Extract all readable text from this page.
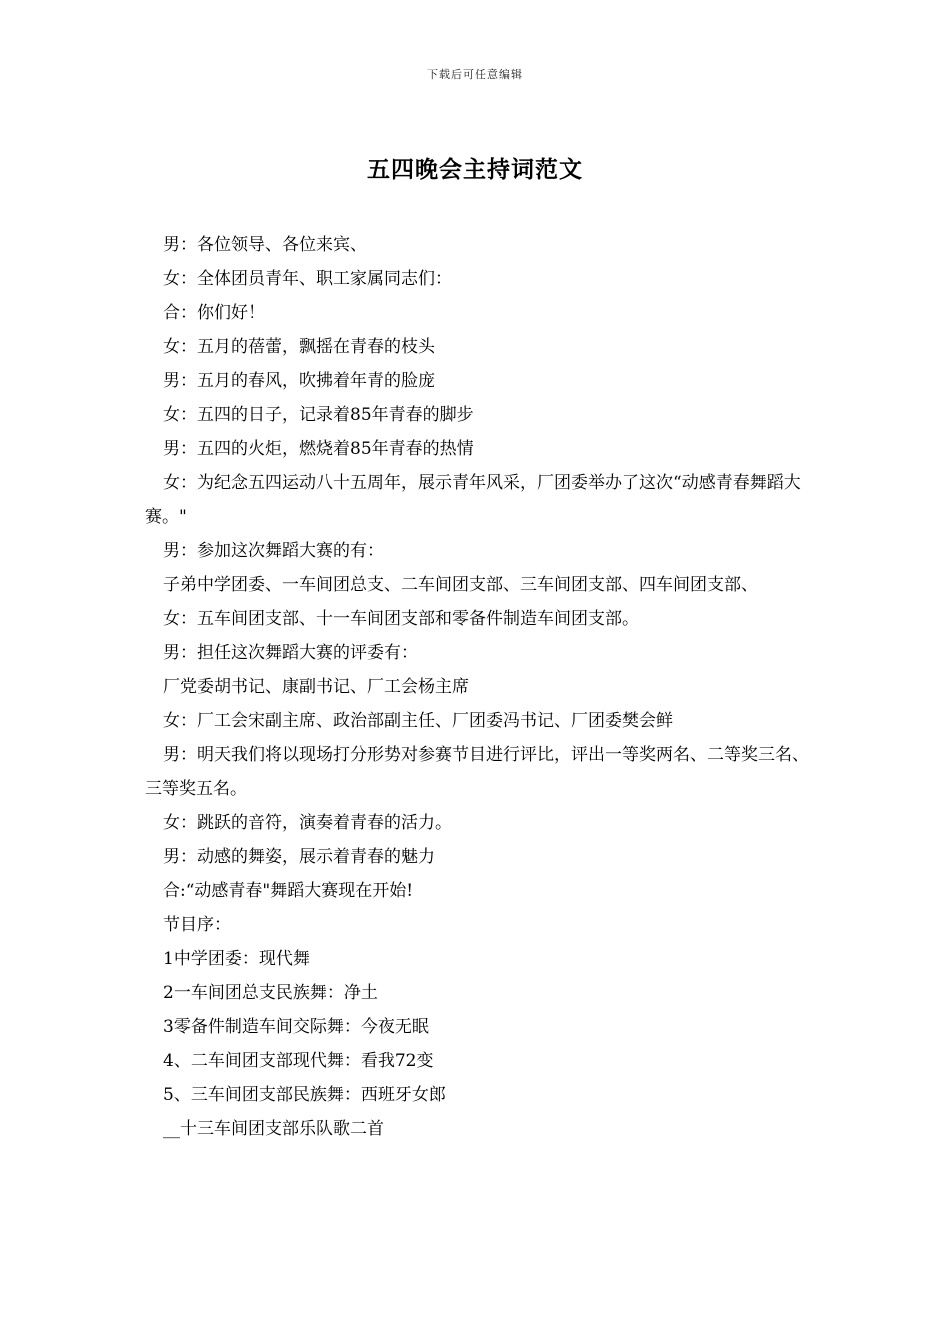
下载后可任意编辑
五四晚会主持词范文

男：各位领导、各位来宾、

女：全体团员青年、职工家属同志们：

合：你们好！

女：五月的蓓蕾，飘摇在青春的枝头

男：五月的春风，吹拂着年青的脸庞

女：五四的日子，记录着85年青春的脚步

男：五四的火炬，燃烧着85年青春的热情

女：为纪念五四运动八十五周年，展示青年风采，厂团委举办了这次“动感青春舞蹈大赛。"

男：参加这次舞蹈大赛的有：

子弟中学团委、一车间团总支、二车间团支部、三车间团支部、四车间团支部、

女：五车间团支部、十一车间团支部和零备件制造车间团支部。

男：担任这次舞蹈大赛的评委有：

厂党委胡书记、康副书记、厂工会杨主席

女：厂工会宋副主席、政治部副主任、厂团委冯书记、厂团委樊会鲜

男：明天我们将以现场打分形势对参赛节目进行评比，评出一等奖两名、二等奖三名、三等奖五名。

女：跳跃的音符，演奏着青春的活力。

男：动感的舞姿，展示着青春的魅力

合:“动感青春"舞蹈大赛现在开始!

节目序：

1中学团委：现代舞

2一车间团总支民族舞：净土

3零备件制造车间交际舞：今夜无眠

4、二车间团支部现代舞：看我72变

5、三车间团支部民族舞：西班牙女郎

__十三车间团支部乐队歌二首
